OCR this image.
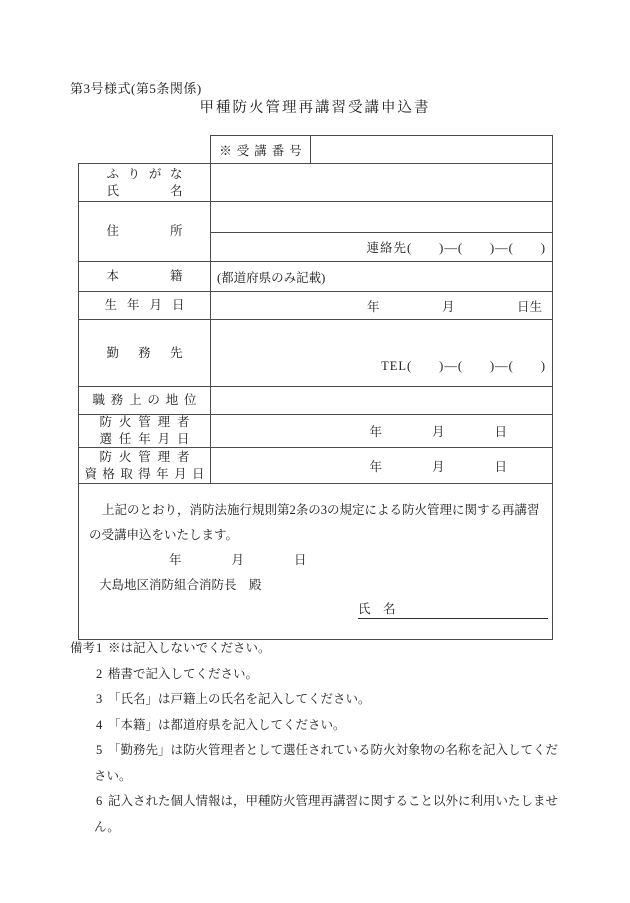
第3号様式(第5条関係)
甲種防火管理再講習受講申込書
※受講番号
ふりがな
氏名
住所
連絡先(　　)—(　　)—(　　)
本籍	(都道府県のみ記載)
生年月日	年　　　　　月　　　　　日生
勤務先
TEL(　　)—(　　)—(　　)
職務上の地位
防火管理者
選任年月日	年　　　　月　　　　日
防火管理者
資格取得年月日	年　　　　月　　　　日

上記のとおり，消防法施行規則第2条の3の規定による防火管理に関する再講習の受講申込をいたします。

年　　　　月　　　　日

大島地区消防組合消防長　殿

氏　名
備考 1 ※は記入しないでください。
2 楷書で記入してください。
3 「氏名」は戸籍上の氏名を記入してください。
4 「本籍」は都道府県を記入してください。
5 「勤務先」は防火管理者として選任されている防火対象物の名称を記入してください。
6 記入された個人情報は，甲種防火管理再講習に関すること以外に利用いたしません。
